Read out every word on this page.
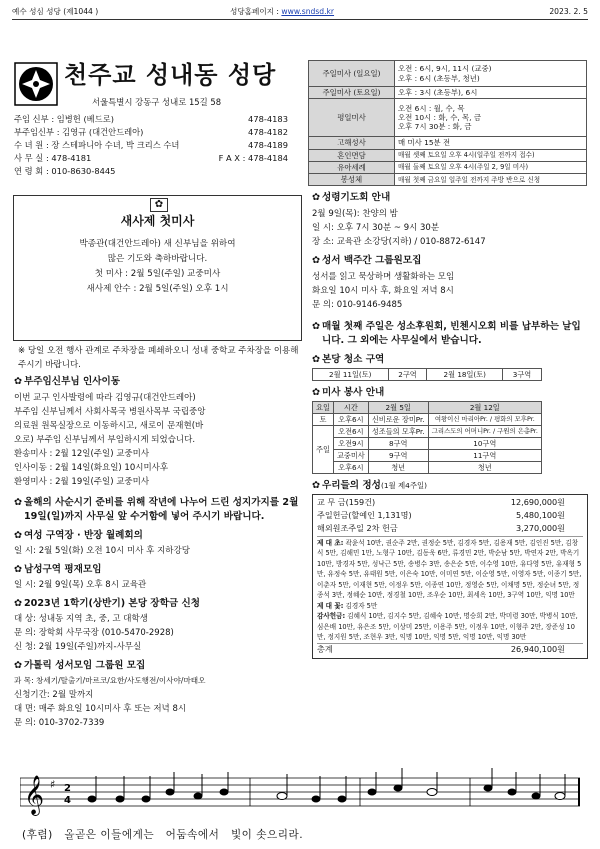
예수 성심 성당 (제1044 )	성당홈페이지 : www.sndsd.kr	2023. 2. 5
천주교 성내동 성당
서울특별시 강동구 성내로 15길 58
주임 신부 : 임병헌 (베드로)	478-4183
부주임신부 : 김영규 (대건안드레아)	478-4182
수 녀 원 : 장 스테파니아 수녀, 박 크리스 수녀	478-4189
사 무 실 : 478-4181	F A X : 478-4184
연 령 회 : 010-8630-8445
주일미사 (일요일)	오전 : 6시, 9시, 11시 (교중)
오후 : 6시 (초등부, 청년)

주일미사 (토요일)	오후 : 3시 (초등부), 6시
평일미사	오전 6시 : 월, 수, 목
오전 10시 : 화, 수, 목, 금
오후 7시 30분 : 화, 금

고해성사	매 미사 15분 전
혼인면담	매월 셋째 토요일 오후 4시(일주일 전까지 접수)
유아세례	매월 둘째 토요일 오후 4시(주일 2, 9일 미사)
봉성체	매월 첫째 금요일 일주일 전까지 주방 반으로 신청
✿
새사제 첫미사

박종관(대건안드레아) 새 신부님을 위하여

많은 기도와 축하바랍니다.

첫 미사 : 2월 5일(주일) 교중미사

새사제 안수 : 2월 5일(주일) 오후 1시

※ 당일 오전 행사 관계로 주차장을 폐쇄하오니 성내 중학교 주차장을 이용해주시기 바랍니다.
✿ 부주임신부님 인사이동
이번 교구 인사발령에 따라 김영규(대건안드레아)
부주임 신부님께서 사회사목국 병원사목부 국립중앙
의료원 원목실장으로 이동하시고, 새로이 문재현(바
오로) 부주임 신부님께서 부임하시게 되었습니다.
환송미사 : 2월 12일(주일) 교중미사
인사이동 : 2월 14일(화요일) 10시미사후
환영미사 : 2월 19일(주일) 교중미사
✿ 올해의 사순시기 준비를 위해 작년에 나누어 드린 성지가지를 2월 19일(일)까지 사무실 앞 수거함에 넣어 주시기 바랍니다.
✿ 여성 구역장 · 반장 월례회의
일 시: 2월 5일(화) 오전 10시 미사 후 지하강당
✿ 남성구역 평재모임
일 시: 2월 9일(목) 오후 8시 교육관
✿ 2023년 1학기(상반기) 본당 장학금 신청
대 상: 성내동 지역 초, 중, 고 대학생
문 의: 장학회 사무국장 (010-5470-2928)
신 청: 2월 19일(주일)까지-사무실
✿ 가톨릭 성서모임 그룹원 모집
과 목: 창세기/탈출기/마르코/요한/사도행전/이사야/마태오
신청기간: 2월 말까지
대 면: 매주 화요일 10시미사 후 또는 저녁 8시
문 의: 010-3702-7339
✿ 성령기도회 안내
2월 9일(목): 찬양의 밤
일 시: 오후 7시 30분 ~ 9시 30분
장 소: 교육관 소강당(지하) / 010-8872-6147
✿ 성서 백주간 그룹원모집
성서를 읽고 묵상하며 생활화하는 모임
화요일 10시 미사 후, 화요일 저녁 8시
문 의: 010-9146-9485
✿ 매월 첫째 주일은 성소후원회, 빈첸시오회 비를 납부하는 날입니다. 그 외에는 사무실에서 받습니다.
✿ 본당 청소 구역
2월 11일(토)	2구역	2월 18일(토)	3구역
✿ 미사 봉사 안내
요일	시간	2월 5일	2월 12일
토	오후6시	신비로운 장미Pr.	여왕이신 마리아Pr. / 평화의 모후Pr.
주일	오전6시	성조들의 모후Pr.	그리스도의 어머니Pr. / 구원의 은총Pr.
	오전9시	8구역	10구역
	교중미사	9구역	11구역
	오후6시	청년	청년
✿ 우리들의 정성(1월 제4주일)
교 무 금(159건)	12,690,000원
주일헌금(할예인 1,131명)	5,480,100원
해외원조주일 2차 헌금	3,270,000원
제 대 초: 곽윤석 10만, 권순주 2만, 권정순 5만, 김경자 5만, 김용재 5만, 김인진 5만, 김창식 5만, 김해민 1만, 노형구 10만, 김동욱 6만, 류경민 2만, 박순남 5만, 박연자 2만, 박옥기 10만, 방경자 5만, 성낙근 5만, 송병수 3만, 송은순 5만, 이수영 10만, 유다영 5만, 유재형 5만, 유정숙 5만, 유태원 5만, 이은숙 10만, 이미연 5만, 이순영 5만, 이영자 5만, 이종기 5만, 이춘자 5만, 이재현 5만, 이정우 5만, 이종연 10만, 정영순 5만, 이채명 5만, 정순녀 5만, 정종석 3만, 정혜순 10만, 정경철 10만, 조우순 10만, 최세옥 10만, 3구역 10만, 익명 10만
제 대 꽃: 김경자 5만
감사헌금: 김혜식 10만, 김지수 5만, 김혜숙 10만, 명승희 2만, 박미령 30만, 박병식 10만, 심은배 10만, 유은조 5만, 이상미 25만, 이용주 5만, 이정우 10만, 이형주 2만, 장준성 10만, 정지원 5만, 조현우 3만, 익명 10만, 익명 5만, 익명 10만, 익명 30만
총계	26,940,100원
𝄞 ♯ 2
4
(후렴)   올곧은 이들에게는   어둠속에서   빛이 솟으리라.
